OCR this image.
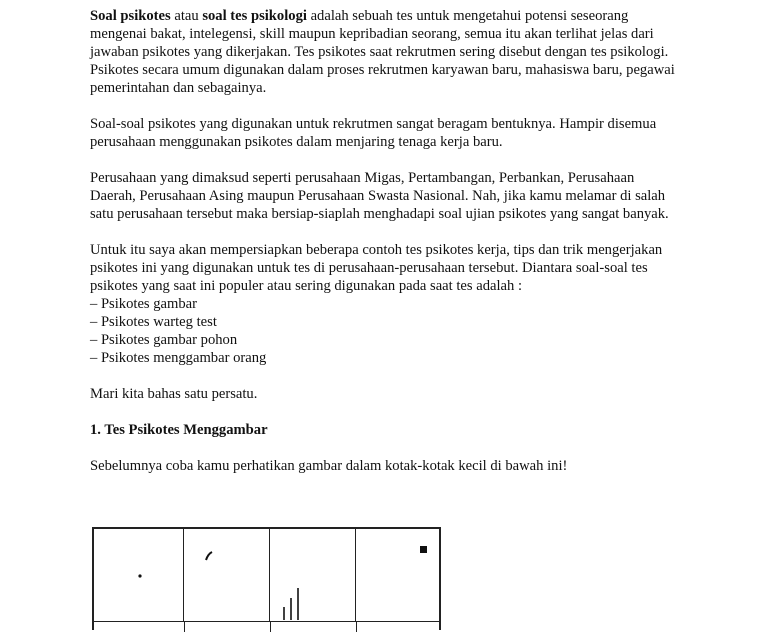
Soal psikotes atau soal tes psikologi adalah sebuah tes untuk mengetahui potensi seseorang mengenai bakat, intelegensi, skill maupun kepribadian seorang, semua itu akan terlihat jelas dari jawaban psikotes yang dikerjakan. Tes psikotes saat rekrutmen sering disebut dengan tes psikologi. Psikotes secara umum digunakan dalam proses rekrutmen karyawan baru, mahasiswa baru, pegawai pemerintahan dan sebagainya.

Soal-soal psikotes yang digunakan untuk rekrutmen sangat beragam bentuknya. Hampir disemua perusahaan menggunakan psikotes dalam menjaring tenaga kerja baru.

Perusahaan yang dimaksud seperti perusahaan Migas, Pertambangan, Perbankan, Perusahaan Daerah, Perusahaan Asing maupun Perusahaan Swasta Nasional. Nah, jika kamu melamar di salah satu perusahaan tersebut maka bersiap-siaplah menghadapi soal ujian psikotes yang sangat banyak.

Untuk itu saya akan mempersiapkan beberapa contoh tes psikotes kerja, tips dan trik mengerjakan psikotes ini yang digunakan untuk tes di perusahaan-perusahaan tersebut. Diantara soal-soal tes psikotes yang saat ini populer atau sering digunakan pada saat tes adalah :

– Psikotes gambar
– Psikotes warteg test
– Psikotes gambar pohon
– Psikotes menggambar orang

Mari kita bahas satu persatu.

1. Tes Psikotes Menggambar

Sebelumnya coba kamu perhatikan gambar dalam kotak-kotak kecil di bawah ini!
